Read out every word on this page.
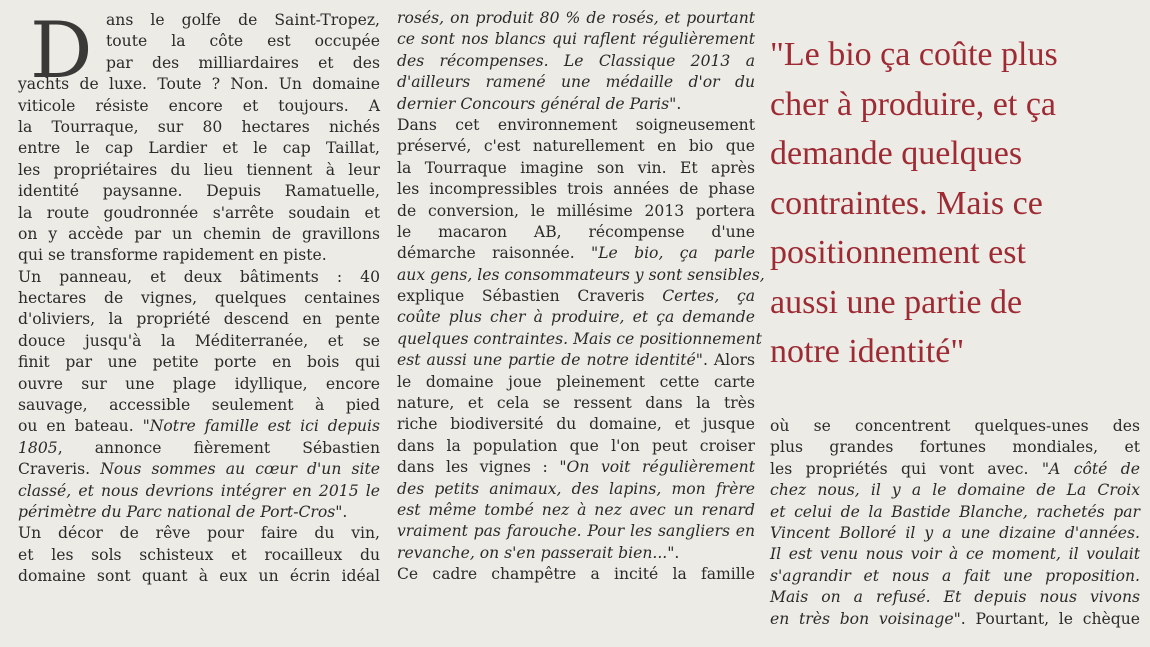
D ans le golfe de Saint-Tropez,
toute la côte est occupée
par des milliardaires et des
yachts de luxe. Toute ? Non. Un domaine
viticole résiste encore et toujours. A
la Tourraque, sur 80 hectares nichés
entre le cap Lardier et le cap Taillat,
les propriétaires du lieu tiennent à leur
identité paysanne. Depuis Ramatuelle,
la route goudronnée s'arrête soudain et
on y accède par un chemin de gravillons
qui se transforme rapidement en piste.
Un panneau, et deux bâtiments : 40
hectares de vignes, quelques centaines
d'oliviers, la propriété descend en pente
douce jusqu'à la Méditerranée, et se
finit par une petite porte en bois qui
ouvre sur une plage idyllique, encore
sauvage, accessible seulement à pied
ou en bateau. "Notre famille est ici depuis
1805, annonce fièrement Sébastien
Craveris. Nous sommes au cœur d'un site
classé, et nous devrions intégrer en 2015 le
périmètre du Parc national de Port-Cros".
Un décor de rêve pour faire du vin,
et les sols schisteux et rocailleux du
domaine sont quant à eux un écrin idéal
rosés, on produit 80 % de rosés, et pourtant
ce sont nos blancs qui raflent régulièrement
des récompenses. Le Classique 2013 a
d'ailleurs ramené une médaille d'or du
dernier Concours général de Paris".
Dans cet environnement soigneusement
préservé, c'est naturellement en bio que
la Tourraque imagine son vin. Et après
les incompressibles trois années de phase
de conversion, le millésime 2013 portera
le macaron AB, récompense d'une
démarche raisonnée. "Le bio, ça parle
aux gens, les consommateurs y sont sensibles,
explique Sébastien Craveris Certes, ça
coûte plus cher à produire, et ça demande
quelques contraintes. Mais ce positionnement
est aussi une partie de notre identité". Alors
le domaine joue pleinement cette carte
nature, et cela se ressent dans la très
riche biodiversité du domaine, et jusque
dans la population que l'on peut croiser
dans les vignes : "On voit régulièrement
des petits animaux, des lapins, mon frère
est même tombé nez à nez avec un renard
vraiment pas farouche. Pour les sangliers en
revanche, on s'en passerait bien...".
Ce cadre champêtre a incité la famille
"Le bio ça coûte plus
cher à produire, et ça
demande quelques
contraintes. Mais ce
positionnement est
aussi une partie de
notre identité"
où se concentrent quelques-unes des
plus grandes fortunes mondiales, et
les propriétés qui vont avec. "A côté de
chez nous, il y a le domaine de La Croix
et celui de la Bastide Blanche, rachetés par
Vincent Bolloré il y a une dizaine d'années.
Il est venu nous voir à ce moment, il voulait
s'agrandir et nous a fait une proposition.
Mais on a refusé. Et depuis nous vivons
en très bon voisinage". Pourtant, le chèque
